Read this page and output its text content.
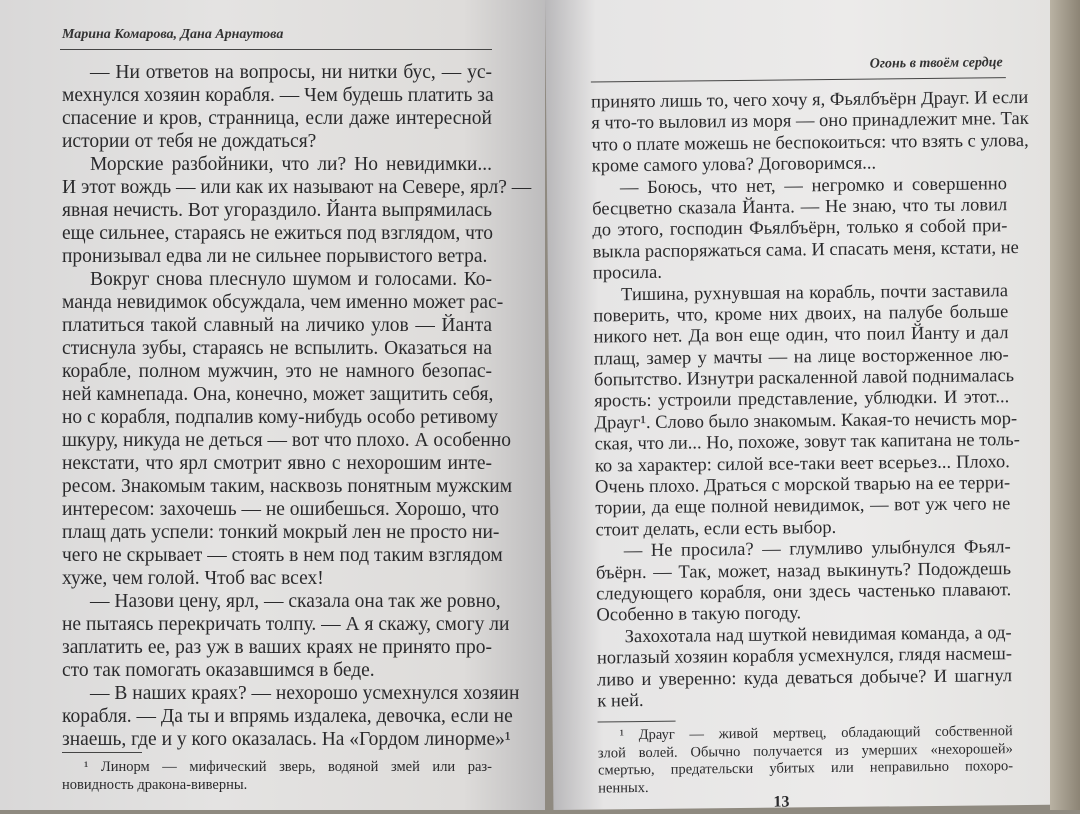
Марина Комарова, Дана Арнаутова
— Ни ответов на вопросы, ни нитки бус, — ус-
мехнулся хозяин корабля. — Чем будешь платить за
спасение и кров, странница, если даже интересной
истории от тебя не дождаться?
Морские разбойники, что ли? Но невидимки...
И этот вождь — или как их называют на Севере, ярл? —
явная нечисть. Вот угораздило. Йанта выпрямилась
еще сильнее, стараясь не ежиться под взглядом, что
пронизывал едва ли не сильнее порывистого ветра.
Вокруг снова плеснуло шумом и голосами. Ко-
манда невидимок обсуждала, чем именно может рас-
платиться такой славный на личико улов — Йанта
стиснула зубы, стараясь не вспылить. Оказаться на
корабле, полном мужчин, это не намного безопас-
ней камнепада. Она, конечно, может защитить себя,
но с корабля, подпалив кому-нибудь особо ретивому
шкуру, никуда не деться — вот что плохо. А особенно
некстати, что ярл смотрит явно с нехорошим инте-
ресом. Знакомым таким, насквозь понятным мужским
интересом: захочешь — не ошибешься. Хорошо, что
плащ дать успели: тонкий мокрый лен не просто ни-
чего не скрывает — стоять в нем под таким взглядом
хуже, чем голой. Чтоб вас всех!
— Назови цену, ярл, — сказала она так же ровно,
не пытаясь перекричать толпу. — А я скажу, смогу ли
заплатить ее, раз уж в ваших краях не принято про-
сто так помогать оказавшимся в беде.
— В наших краях? — нехорошо усмехнулся хозяин
корабля. — Да ты и впрямь издалека, девочка, если не
знаешь, где и у кого оказалась. На «Гордом линорме»¹
¹ Линорм — мифический зверь, водяной змей или раз-
новидность дракона-виверны.
Огонь в твоём сердце
принято лишь то, чего хочу я, Фьялбъёрн Драуг. И если
я что-то выловил из моря — оно принадлежит мне. Так
что о плате можешь не беспокоиться: что взять с улова,
кроме самого улова? Договоримся...
— Боюсь, что нет, — негромко и совершенно
бесцветно сказала Йанта. — Не знаю, что ты ловил
до этого, господин Фьялбъёрн, только я собой при-
выкла распоряжаться сама. И спасать меня, кстати, не
просила.
Тишина, рухнувшая на корабль, почти заставила
поверить, что, кроме них двоих, на палубе больше
никого нет. Да вон еще один, что поил Йанту и дал
плащ, замер у мачты — на лице восторженное лю-
бопытство. Изнутри раскаленной лавой поднималась
ярость: устроили представление, ублюдки. И этот...
Драуг¹. Слово было знакомым. Какая-то нечисть мор-
ская, что ли... Но, похоже, зовут так капитана не толь-
ко за характер: силой все-таки веет всерьез... Плохо.
Очень плохо. Драться с морской тварью на ее терри-
тории, да еще полной невидимок, — вот уж чего не
стоит делать, если есть выбор.
— Не просила? — глумливо улыбнулся Фьял-
бъёрн. — Так, может, назад выкинуть? Подождешь
следующего корабля, они здесь частенько плавают.
Особенно в такую погоду.
Захохотала над шуткой невидимая команда, а од-
ноглазый хозяин корабля усмехнулся, глядя насмеш-
ливо и уверенно: куда деваться добыче? И шагнул
к ней.
¹ Драуг — живой мертвец, обладающий собственной
злой волей. Обычно получается из умерших «нехорошей»
смертью, предательски убитых или неправильно похоро-
ненных.
13
